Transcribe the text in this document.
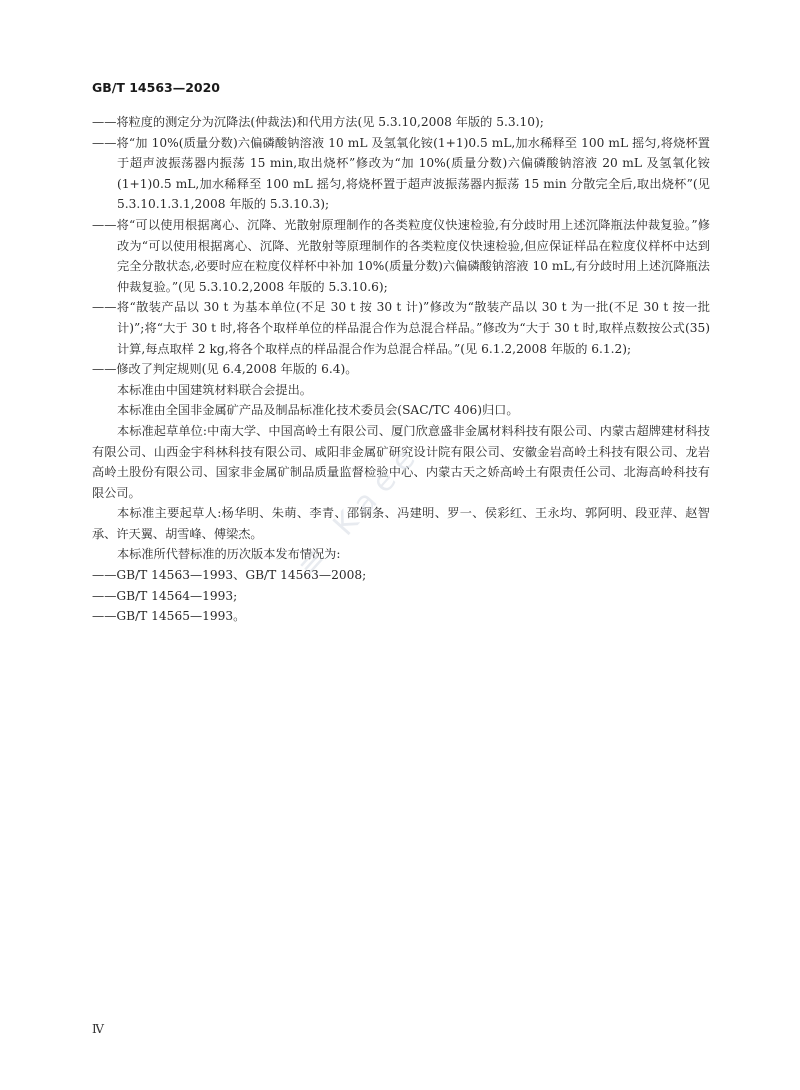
GB/T 14563—2020

——将粒度的测定分为沉降法(仲裁法)和代用方法(见 5.3.10,2008 年版的 5.3.10);

——将“加 10%(质量分数)六偏磷酸钠溶液 10 mL 及氢氧化铵(1+1)0.5 mL,加水稀释至 100 mL 摇匀,将烧杯置于超声波振荡器内振荡 15 min,取出烧杯”修改为“加 10%(质量分数)六偏磷酸钠溶液 20 mL 及氢氧化铵(1+1)0.5 mL,加水稀释至 100 mL 摇匀,将烧杯置于超声波振荡器内振荡 15 min 分散完全后,取出烧杯”(见 5.3.10.1.3.1,2008 年版的 5.3.10.3);

——将“可以使用根据离心、沉降、光散射原理制作的各类粒度仪快速检验,有分歧时用上述沉降瓶法仲裁复验。”修改为“可以使用根据离心、沉降、光散射等原理制作的各类粒度仪快速检验,但应保证样品在粒度仪样杯中达到完全分散状态,必要时应在粒度仪样杯中补加 10%(质量分数)六偏磷酸钠溶液 10 mL,有分歧时用上述沉降瓶法仲裁复验。”(见 5.3.10.2,2008 年版的 5.3.10.6);

——将“散装产品以 30 t 为基本单位(不足 30 t 按 30 t 计)”修改为“散装产品以 30 t 为一批(不足 30 t 按一批计)”;将“大于 30 t 时,将各个取样单位的样品混合作为总混合样品。”修改为“大于 30 t 时,取样点数按公式(35)计算,每点取样 2 kg,将各个取样点的样品混合作为总混合样品。”(见 6.1.2,2008 年版的 6.1.2);

——修改了判定规则(见 6.4,2008 年版的 6.4)。

本标准由中国建筑材料联合会提出。

本标准由全国非金属矿产品及制品标准化技术委员会(SAC/TC 406)归口。

本标准起草单位:中南大学、中国高岭土有限公司、厦门欣意盛非金属材料科技有限公司、内蒙古超牌建材科技有限公司、山西金宇科林科技有限公司、咸阳非金属矿研究设计院有限公司、安徽金岩高岭土科技有限公司、龙岩高岭土股份有限公司、国家非金属矿制品质量监督检验中心、内蒙古天之娇高岭土有限责任公司、北海高岭科技有限公司。

本标准主要起草人:杨华明、朱萌、李青、邵钢条、冯建明、罗一、侯彩红、王永均、郭阿明、段亚萍、赵智承、许天翼、胡雪峰、傅梁杰。

本标准所代替标准的历次版本发布情况为:

——GB/T 14563—1993、GB/T 14563—2008;

——GB/T 14564—1993;

——GB/T 14565—1993。

Ⅳ
≡ Kaee
